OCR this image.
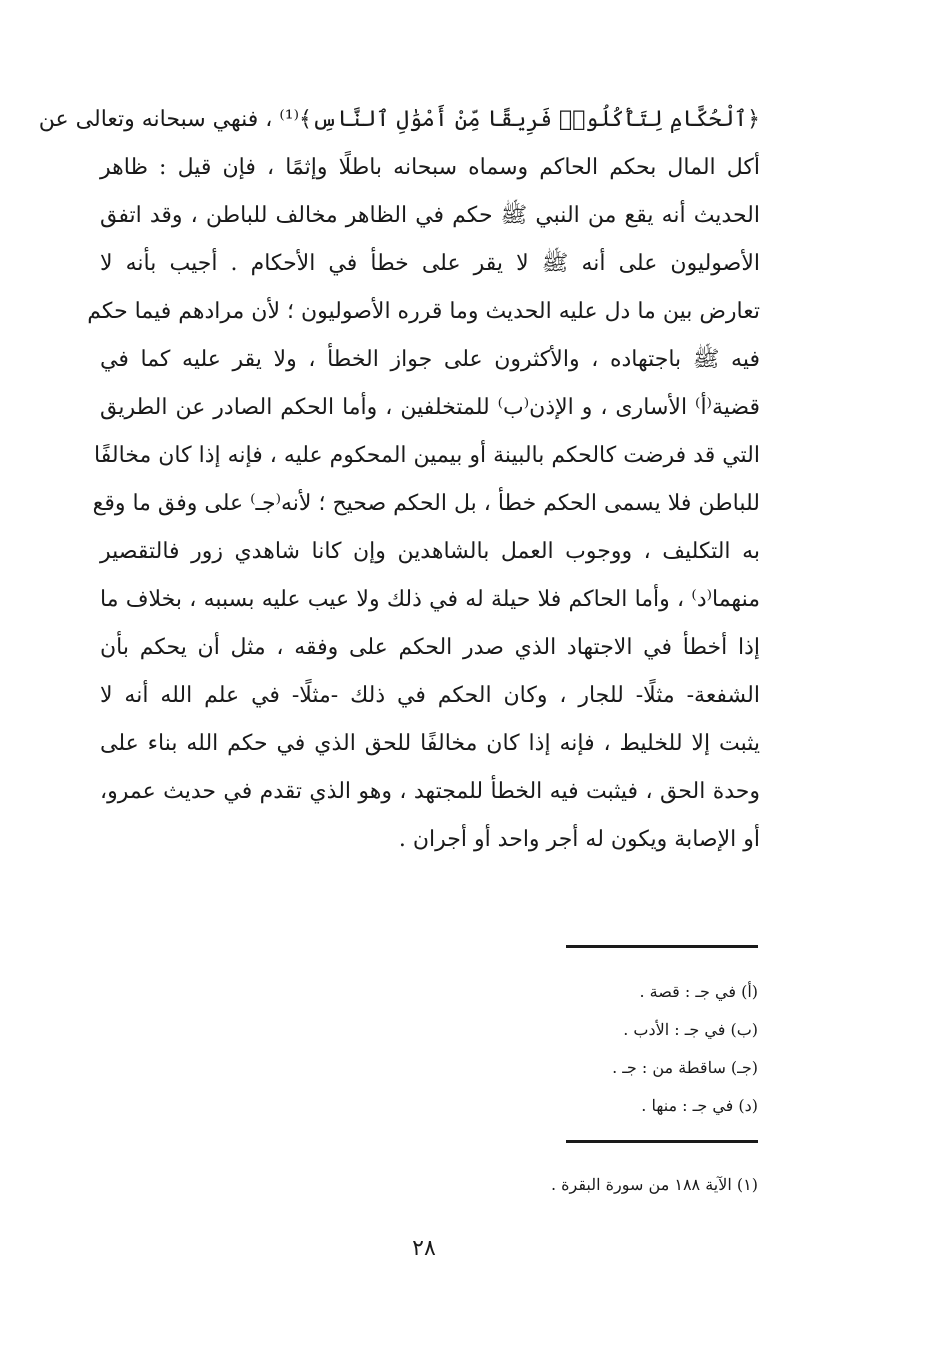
﴿ٱلْحُكَّامِ لِتَأْكُلُوا۟ فَرِيقًا مِّنْ أَمْوَٰلِ ٱلنَّاسِ﴾⁽¹⁾ ، فنهي سبحانه وتعالى عن
أكل المال بحكم الحاكم وسماه سبحانه باطلًا وإثمًا ، فإن قيل : ظاهر
الحديث أنه يقع من النبي ﷺ حكم في الظاهر مخالف للباطن ، وقد اتفق
الأصوليون على أنه ﷺ لا يقر على خطأ في الأحكام . أجيب بأنه لا
تعارض بين ما دل عليه الحديث وما قرره الأصوليون ؛ لأن مرادهم فيما حكم
فيه ﷺ باجتهاده ، والأكثرون على جواز الخطأ ، ولا يقر عليه كما في
قضية⁽أ⁾ الأسارى ، و الإذن⁽ب⁾ للمتخلفين ، وأما الحكم الصادر عن الطريق
التي قد فرضت كالحكم بالبينة أو بيمين المحكوم عليه ، فإنه إذا كان مخالفًا
للباطن فلا يسمى الحكم خطأ ، بل الحكم صحيح ؛ لأنه⁽جـ⁾ على وفق ما وقع
به التكليف ، ووجوب العمل بالشاهدين وإن كانا شاهدي زور فالتقصير
منهما⁽د⁾ ، وأما الحاكم فلا حيلة له في ذلك ولا عيب عليه بسببه ، بخلاف ما
إذا أخطأ في الاجتهاد الذي صدر الحكم على وفقه ، مثل أن يحكم بأن
الشفعة- مثلًا- للجار ، وكان الحكم في ذلك -مثلًا- في علم الله أنه لا
يثبت إلا للخليط ، فإنه إذا كان مخالفًا للحق الذي في حكم الله بناء على
وحدة الحق ، فيثبت فيه الخطأ للمجتهد ، وهو الذي تقدم في حديث عمرو،
أو الإصابة ويكون له أجر واحد أو أجران .
(أ) في جـ : قصة .
(ب) في جـ : الأدب .
(جـ) ساقطة من : جـ .
(د) في جـ : منها .
(١) الآية ١٨٨ من سورة البقرة .
٢٨
